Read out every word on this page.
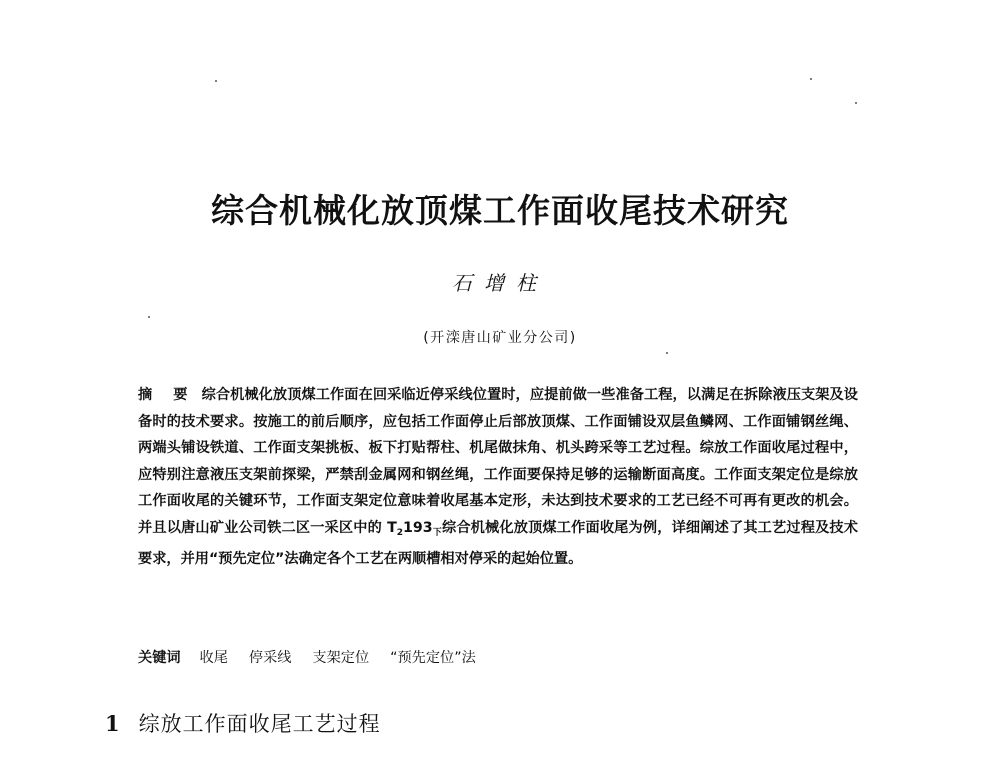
综合机械化放顶煤工作面收尾技术研究
石增柱
(开滦唐山矿业分公司)
摘 要 综合机械化放顶煤工作面在回采临近停采线位置时，应提前做一些准备工程，以满足在拆除液压支架及设备时的技术要求。按施工的前后顺序，应包括工作面停止后部放顶煤、工作面铺设双层鱼鳞网、工作面铺钢丝绳、两端头铺设铁道、工作面支架挑板、板下打贴帮柱、机尾做抹角、机头跨采等工艺过程。综放工作面收尾过程中，应特别注意液压支架前探梁，严禁刮金属网和钢丝绳，工作面要保持足够的运输断面高度。工作面支架定位是综放工作面收尾的关键环节，工作面支架定位意味着收尾基本定形，未达到技术要求的工艺已经不可再有更改的机会。并且以唐山矿业公司铁二区一采区中的 $T_2193_下$综合机械化放顶煤工作面收尾为例，详细阐述了其工艺过程及技术要求，并用“预先定位”法确定各个工艺在两顺槽相对停采的起始位置。
关键词 收尾 停采线 支架定位 “预先定位”法
1 综放工作面收尾工艺过程
